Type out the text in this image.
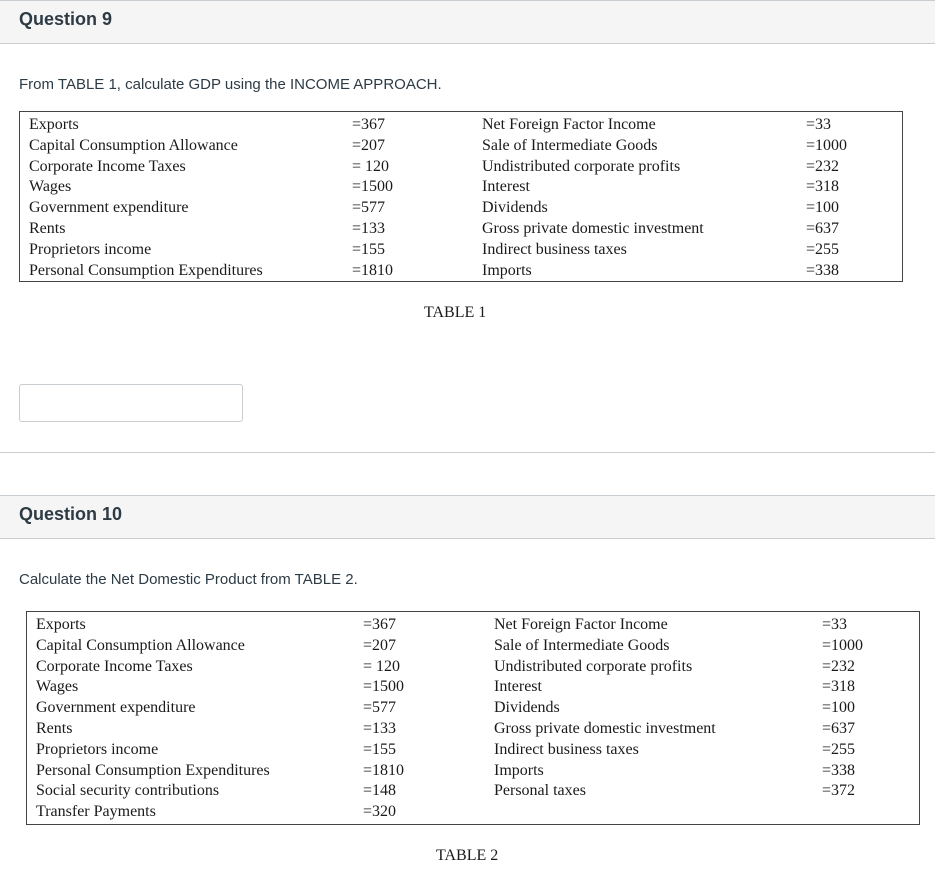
Question 9
From TABLE 1, calculate GDP using the INCOME APPROACH.
Exports
Capital Consumption Allowance
Corporate Income Taxes
Wages
Government expenditure
Rents
Proprietors income
Personal Consumption Expenditures
=367
=207
= 120
=1500
=577
=133
=155
=1810
Net Foreign Factor Income
Sale of Intermediate Goods
Undistributed corporate profits
Interest
Dividends
Gross private domestic investment
Indirect business taxes
Imports
=33
=1000
=232
=318
=100
=637
=255
=338
TABLE 1
Question 10
Calculate the Net Domestic Product from TABLE 2.
Exports
Capital Consumption Allowance
Corporate Income Taxes
Wages
Government expenditure
Rents
Proprietors income
Personal Consumption Expenditures
Social security contributions
Transfer Payments
=367
=207
= 120
=1500
=577
=133
=155
=1810
=148
=320
Net Foreign Factor Income
Sale of Intermediate Goods
Undistributed corporate profits
Interest
Dividends
Gross private domestic investment
Indirect business taxes
Imports
Personal taxes
=33
=1000
=232
=318
=100
=637
=255
=338
=372
TABLE 2
